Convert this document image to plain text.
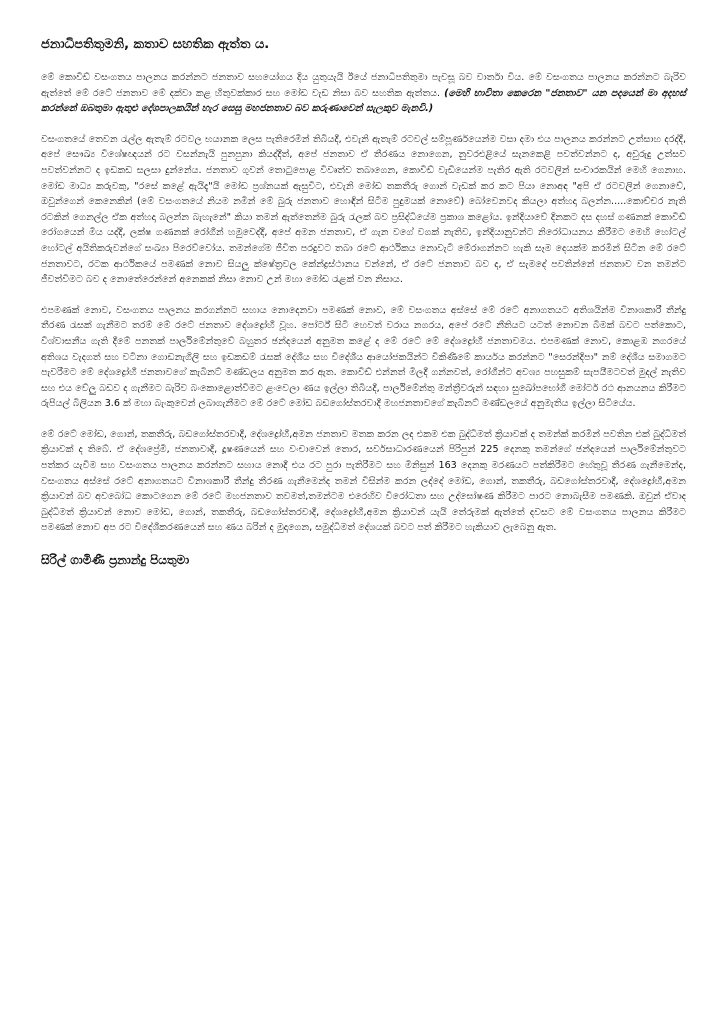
ජනාධිපතිතුමනි, කතාව සහතික ඇත්ත ය.

මේ කොවිඩ් වසංගතය පාලනය කරන්නට ජනතාව සහයෝගය දිය යුතුයැයි ඊයේ ජනාධිපතිතුමා පැවසූ බව වාර්තා විය. මේ වසංගතය පාලනය කරන්නට බැරිව ඇත්තේ මේ රටේ ජනතාව මේ දක්වා කළ හිතුවක්කාර සහ මෝඩ වැඩ නිසා බව සහතික ඇත්තය. (මෙහි භාවිතා කෙරෙන "ජනතාව" යන පදයෙන් මා අදහස් කරන්නේ ඔබතුමා ඇතුළු දේශපාලකයින් හැර සෙසු මහජනතාව බව කරුණාවෙන් සැලකුව මැනවි.)

වසංගතයේ තෙවන රැල්ල ඇතැම් රටවල භයානක ලෙස පැතිරෙමින් තිබියදී, එවැනි ඇතැම් රටවල් සම්පූර්ණයෙන්ම වසා දමා එය පාලනය කරන්නට උත්සාහ දරද්දී, අපේ සෞඛ්‍ය විශේෂඥයන් රට වසන්නැයි පුනපුනා කියද්දීත්, අපේ ජනතාව ඒ තීරණය නොගෙන, නුවරඑළියේ සැනකෙළි පවත්වන්නට ද, අවුරුදු උත්සව පවත්වන්නට ද ඉඩකඩ සලසා දුන්නේය. ජනතාව ගුවන් තොටුපොළ විවෘත්ව තබාගෙන, කොවිඩ් වැඩියෙන්ම පැතිර ඇති රටවලින් සංචාරකයින් මෙහි ගෙනාහ. මෝඩ මාධ්‍ය කරුවකු, "රසේ කළේ ඇයිදැ"යි මෝඩ ප්‍රශ්නයක් ඇසුවිට, එවැනි මෝඩ තකතීරු ගොන් වැඩක් කර කට පියා නොඅඳ "අපි ඒ රටවලින් ගෙනාවේ, ඔවුන්ගෙන් කෙනෙකින් (මේ වසංගතයේ නියම නමින් මේ බුරු ජනතාව හොඳින් සිටීම පුදුමයක් නොවේ) බෝවෙනවද කියලා අත්හදා බලන්න.....කොච්චර නැති රටකින් ගෙනල්ල ඒක අත්හදා බලන්න බැහැනේ" කියා තමන් ඇත්තෙන්ම බුරු රැලක් බව ප්‍රසිද්ධියේම ප්‍රකාශ කළෝය. ඉන්දියාවේ දිනකට දස දහස් ගණනක් කොවිඩ් රෝගයෙන් මිය යද්දී, ලක්ෂ ගණනක් රෝගීන් හමුවෙද්දී, අපේ අමන ජනතාව, ඒ ගැන වගේ වගක් නැතිව, ඉන්දියානුවන්ට නිරෝධායනය කිරීමට මෙහි හෝටල් හෝටල් අයිතිකරුවන්ගේ සංඛ්‍යා පිරෙව්වෝය. තමන්ගේම ජීවිත පරදුවට තබා රටේ ආර්ථිකය නොවැටී මේරාගන්නට හැකි සෑම දෙයක්ම කරමින් සිටින මේ රටේ ජනතාවට, රටක ආර්ථිකයේ පමණක් නොව සියලු ක්ෂේත්‍රවල කේන්ද්‍රස්ථානය වන්නේ, ඒ රටේ ජනතාව බව ද, ඒ සැමදේ පවතින්නේ ජනතාව වන තමන්ට ජීවත්වීමට බව ද නොතේරෙන්නේ අනෙකක් නිසා නොව උන් මහා මෝඩ රැළක් වන නිසාය.

එපමණක් නොව, වසංගතය පාලනය කරගන්නට සහාය නොදෙනවා පමණක් නොව, මේ වසංගතය අස්සේ මේ රටේ අනාගතයට අතිශයින්ම විනාශකාරී තීන්දු තීරණ රැසක් ගැනීමට තරම් මේ රටේ ජනතාව දේශද්‍රෝහී වූහ. පෝර්ට් සිටි හෙවත් වරාය නගරය, අපේ රටේ නීතියට යටත් නොවන බිමක් බවට පත්කොට, විශ්වාසනීය ගැති දීමේ පනතක් පාර්ලිමේන්තුවේ බහුතර ඡන්දයෙන් අනුමත කළේ ද මේ රටේ මේ දේශද්‍රෝහී ජනතාවමය. එපමණක් නොව, කොළඹ නගරයේ අතිශය වැදගත් සහ වටිනා ගොඩනැගිලි සහ ඉඩකඩම් රැසක් දේශීය සහ විදේශීය ආයෝජකයින්ට විකිණීමේ කාර්යය කරන්නට "සෙරන්දිපා" නම් දේශීය සමාගමට පැවරීමට මේ දේශද්‍රෝහී ජනතාවගේ කැබිනට් මණ්ඩලය අනුමත කර ඇත. කොවිඩ් එන්නත් මිලදී ගන්නවත්, රෝගීන්ට අවශ්‍ය පහසුකම් සැපයීමටවත් මුදල් නැතිව සහ එය වේලු බඩව ද ගැනීමට බැරිව බංකොළොත්වීමට ළංවෙලා ණය ඉල්ලා තිබියදී, පාර්ලිමේන්තු මන්ත්‍රීවරුන් සඳහා සුඛෝපභෝගී මෝටර් රථ ආනයනය කිරීමට රුපියල් බිලියන 3.6 ක් මහා බැංකුවෙන් ලබාගැනීමට මේ රටේ මෝඩ බඩගෝස්තරවාදී මහජනතාවගේ කැබිනට් මණ්ඩලයේ අනුමැතිය ඉල්ලා සිටියේය.

මේ රටේ මෝඩ, ගොන්, තකතීරු, බඩගෝස්තරවාදී, දේශද්‍රෝහී,අමන ජනතාව මතක කරන ලද එකම එක බුද්ධිමත් ක්‍රියාවක් ද තමන්ක් කරමින් පවතින එක් බුද්ධිමත් ක්‍රියාවක් ද තිබේ. ඒ දේශප්‍රේමී, ජනතාවාදී, දූෂණයෙන් සහ වංචාවෙන් තොර, සර්වසාධාරණයෙන් පිරිපුන් 225 දෙනකු තමන්ගේ ඡන්දයෙන් පාර්ලිමේන්තුවට පත්කර යැවීම සහ වසංගතය පාලනය කරන්නට සහාය නොදී එය රට පුරා පැතිරීමට සහ මිනිසුන් 163 දෙනකු මරණයට පත්කිරීමට හේතුවූ තීරණ ගැනීමෙන්ද, වසංගතය අස්සේ රටේ අනාගතයට විනාශකාරී තීන්දු තීරණ ගැනීමෙන්ද තමන් විසින්ම කරන ලද්දේ මෝඩ, ගොන්, තකතීරු, බඩගෝස්තරවාදී, දේශද්‍රෝහී,අමන ක්‍රියාවන් බව අවබෝධ කොටගෙන මේ රටේ මහජනතාව තවමත්,තමන්ටම එරෙහිව විරෝධතා සහ උද්ඝෝෂණ කිරීමට පාරට නොබැසීම පමණකි. ඔවුන් ඒවාද බුද්ධිමත් ක්‍රියාවන් නොව මෝඩ, ගොන්, තකතීරු, බඩගෝස්තරවාදී, දේශද්‍රෝහී,අමන ක්‍රියාවන් යැයි තේරුමක් ඇත්තේ දවසට මේ වසංගතය පාලනය කිරීමට පමණක් නොව අප රට විදේශීකරණයෙන් සහ ණය බරින් ද මුදාගෙන, සමුද්ධිමත් දේශයක් බවට පත් කිරීමට හැකියාව ලැබෙනු ඇත.

සිරිල් ගාමිණී ප්‍රනාන්දු පියතුමා
